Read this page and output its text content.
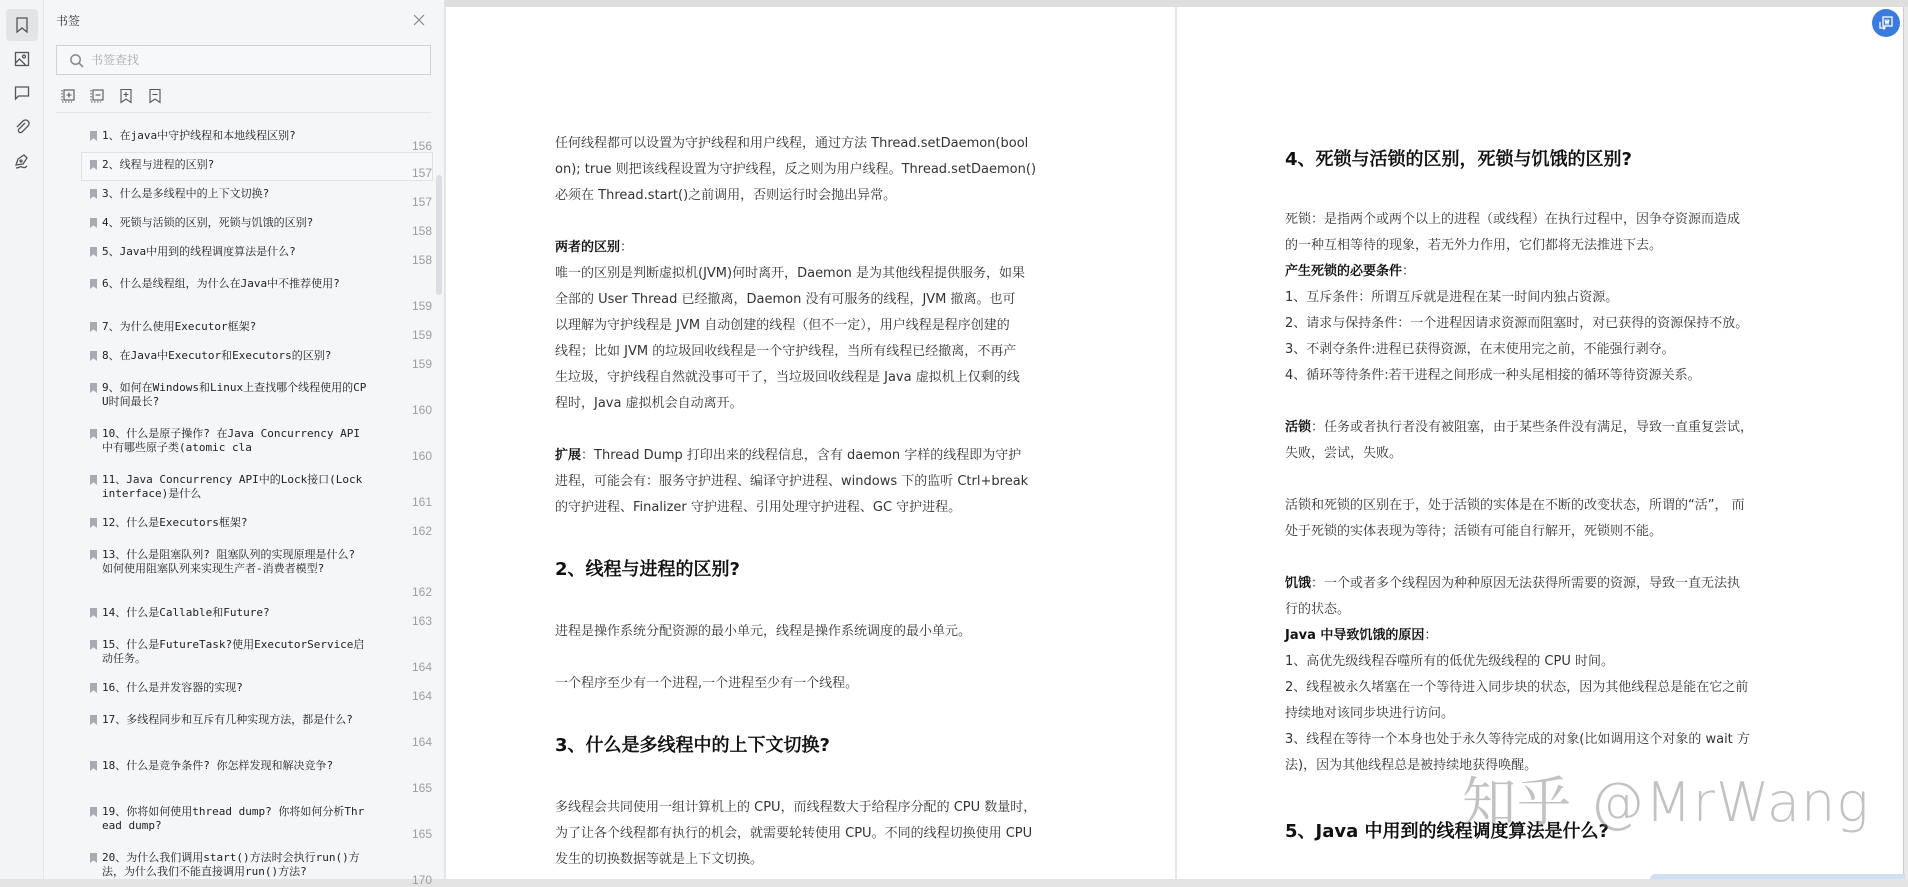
书签
书签查找
1、在java中守护线程和本地线程区别?
156
2、线程与进程的区别?
157
3、什么是多线程中的上下文切换?
157
4、死锁与活锁的区别，死锁与饥饿的区别?
158
5、Java中用到的线程调度算法是什么?
158
6、什么是线程组，为什么在Java中不推荐使用?
159
7、为什么使用Executor框架?
159
8、在Java中Executor和Executors的区别?
159
9、如何在Windows和Linux上查找哪个线程使用的CPU时间最长?
160
10、什么是原子操作? 在Java Concurrency API中有哪些原子类(atomic cla
160
11、Java Concurrency API中的Lock接口(Lock interface)是什么
161
12、什么是Executors框架?
162
13、什么是阻塞队列? 阻塞队列的实现原理是什么? 如何使用阻塞队列来实现生产者-消费者模型?
162
14、什么是Callable和Future?
163
15、什么是FutureTask?使用ExecutorService启动任务。
164
16、什么是并发容器的实现?
164
17、多线程同步和互斥有几种实现方法，都是什么?
164
18、什么是竞争条件? 你怎样发现和解决竞争?
165
19、你将如何使用thread dump? 你将如何分析Thread dump?
165
20、为什么我们调用start()方法时会执行run()方法，为什么我们不能直接调用run()方法?
170

任何线程都可以设置为守护线程和用户线程，通过方法 Thread.setDaemon(bool

on); true 则把该线程设置为守护线程，反之则为用户线程。Thread.setDaemon()

必须在 Thread.start()之前调用，否则运行时会抛出异常。

两者的区别：

唯一的区别是判断虚拟机(JVM)何时离开，Daemon 是为其他线程提供服务，如果

全部的 User Thread 已经撤离，Daemon 没有可服务的线程，JVM 撤离。也可

以理解为守护线程是 JVM 自动创建的线程（但不一定），用户线程是程序创建的

线程；比如 JVM 的垃圾回收线程是一个守护线程，当所有线程已经撤离，不再产

生垃圾，守护线程自然就没事可干了，当垃圾回收线程是 Java 虚拟机上仅剩的线

程时，Java 虚拟机会自动离开。

扩展：Thread Dump 打印出来的线程信息，含有 daemon 字样的线程即为守护

进程，可能会有：服务守护进程、编译守护进程、windows 下的监听 Ctrl+break

的守护进程、Finalizer 守护进程、引用处理守护进程、GC 守护进程。

2、线程与进程的区别?

进程是操作系统分配资源的最小单元，线程是操作系统调度的最小单元。

一个程序至少有一个进程,一个进程至少有一个线程。

3、什么是多线程中的上下文切换?

多线程会共同使用一组计算机上的 CPU，而线程数大于给程序分配的 CPU 数量时，

为了让各个线程都有执行的机会，就需要轮转使用 CPU。不同的线程切换使用 CPU

发生的切换数据等就是上下文切换。

4、死锁与活锁的区别，死锁与饥饿的区别?

死锁：是指两个或两个以上的进程（或线程）在执行过程中，因争夺资源而造成

的一种互相等待的现象，若无外力作用，它们都将无法推进下去。

产生死锁的必要条件：

1、互斥条件：所谓互斥就是进程在某一时间内独占资源。

2、请求与保持条件：一个进程因请求资源而阻塞时，对已获得的资源保持不放。

3、不剥夺条件:进程已获得资源，在末使用完之前，不能强行剥夺。

4、循环等待条件:若干进程之间形成一种头尾相接的循环等待资源关系。

活锁：任务或者执行者没有被阻塞，由于某些条件没有满足，导致一直重复尝试，

失败，尝试，失败。

活锁和死锁的区别在于，处于活锁的实体是在不断的改变状态，所谓的“活”， 而

处于死锁的实体表现为等待；活锁有可能自行解开，死锁则不能。

饥饿：一个或者多个线程因为种种原因无法获得所需要的资源，导致一直无法执

行的状态。

Java 中导致饥饿的原因：

1、高优先级线程吞噬所有的低优先级线程的 CPU 时间。

2、线程被永久堵塞在一个等待进入同步块的状态，因为其他线程总是能在它之前

持续地对该同步块进行访问。

3、线程在等待一个本身也处于永久等待完成的对象(比如调用这个对象的 wait 方

法)，因为其他线程总是被持续地获得唤醒。

5、Java 中用到的线程调度算法是什么?
知乎 @MrWang
